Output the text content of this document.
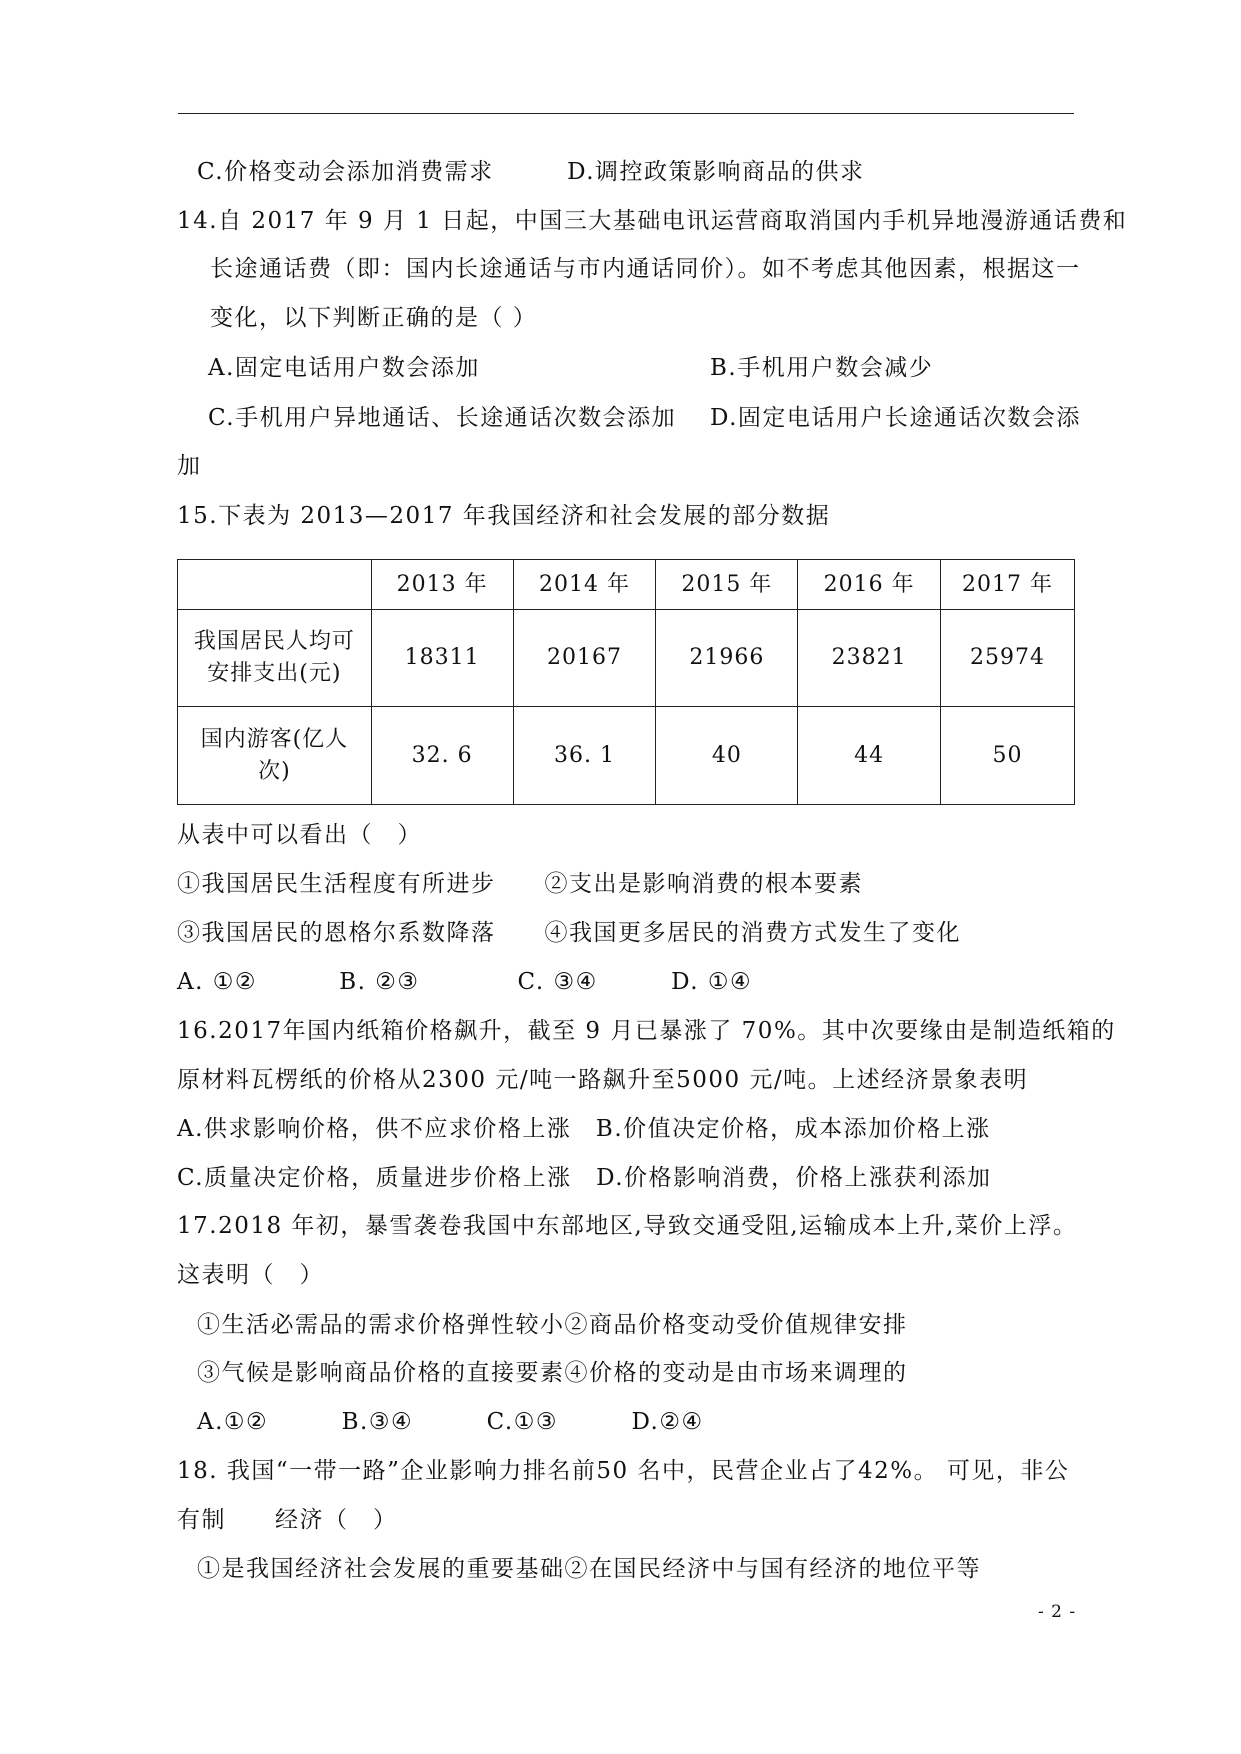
C.价格变动会添加消费需求　　　D.调控政策影响商品的供求
14.自 2017 年 9 月 1 日起，中国三大基础电讯运营商取消国内手机异地漫游通话费和
长途通话费（即：国内长途通话与市内通话同价）。如不考虑其他因素，根据这一
变化，以下判断正确的是（ ）
A.固定电话用户数会添加	B.手机用户数会减少
C.手机用户异地通话、长途通话次数会添加 D.固定电话用户长途通话次数会添
加
15.下表为 2013—2017 年我国经济和社会发展的部分数据
	2013 年	2014 年	2015 年	2016 年	2017 年
我国居民人均可安排支出(元)	18311	20167	21966	23821	25974
国内游客(亿人次)	32. 6	36. 1	40	44	50
从表中可以看出（　）
①我国居民生活程度有所进步　　②支出是影响消费的根本要素
③我国居民的恩格尔系数降落　　④我国更多居民的消费方式发生了变化
A. ①②　　　 B. ②③　　　　C. ③④　　　D. ①④
16.2017年国内纸箱价格飙升，截至 9 月已暴涨了 70%。其中次要缘由是制造纸箱的
原材料瓦楞纸的价格从2300 元/吨一路飙升至5000 元/吨。上述经济景象表明
A.供求影响价格，供不应求价格上涨　B.价值决定价格，成本添加价格上涨
C.质量决定价格，质量进步价格上涨　D.价格影响消费，价格上涨获利添加
17.2018 年初，暴雪袭卷我国中东部地区,导致交通受阻,运输成本上升,菜价上浮。
这表明（　）
①生活必需品的需求价格弹性较小②商品价格变动受价值规律安排
③气候是影响商品价格的直接要素④价格的变动是由市场来调理的
A.①②　　　B.③④　　　C.①③　　　D.②④
18. 我国“一带一路”企业影响力排名前50 名中，民营企业占了42%。 可见，非公
有制　　经济（　）
①是我国经济社会发展的重要基础②在国民经济中与国有经济的地位平等
- 2 -
